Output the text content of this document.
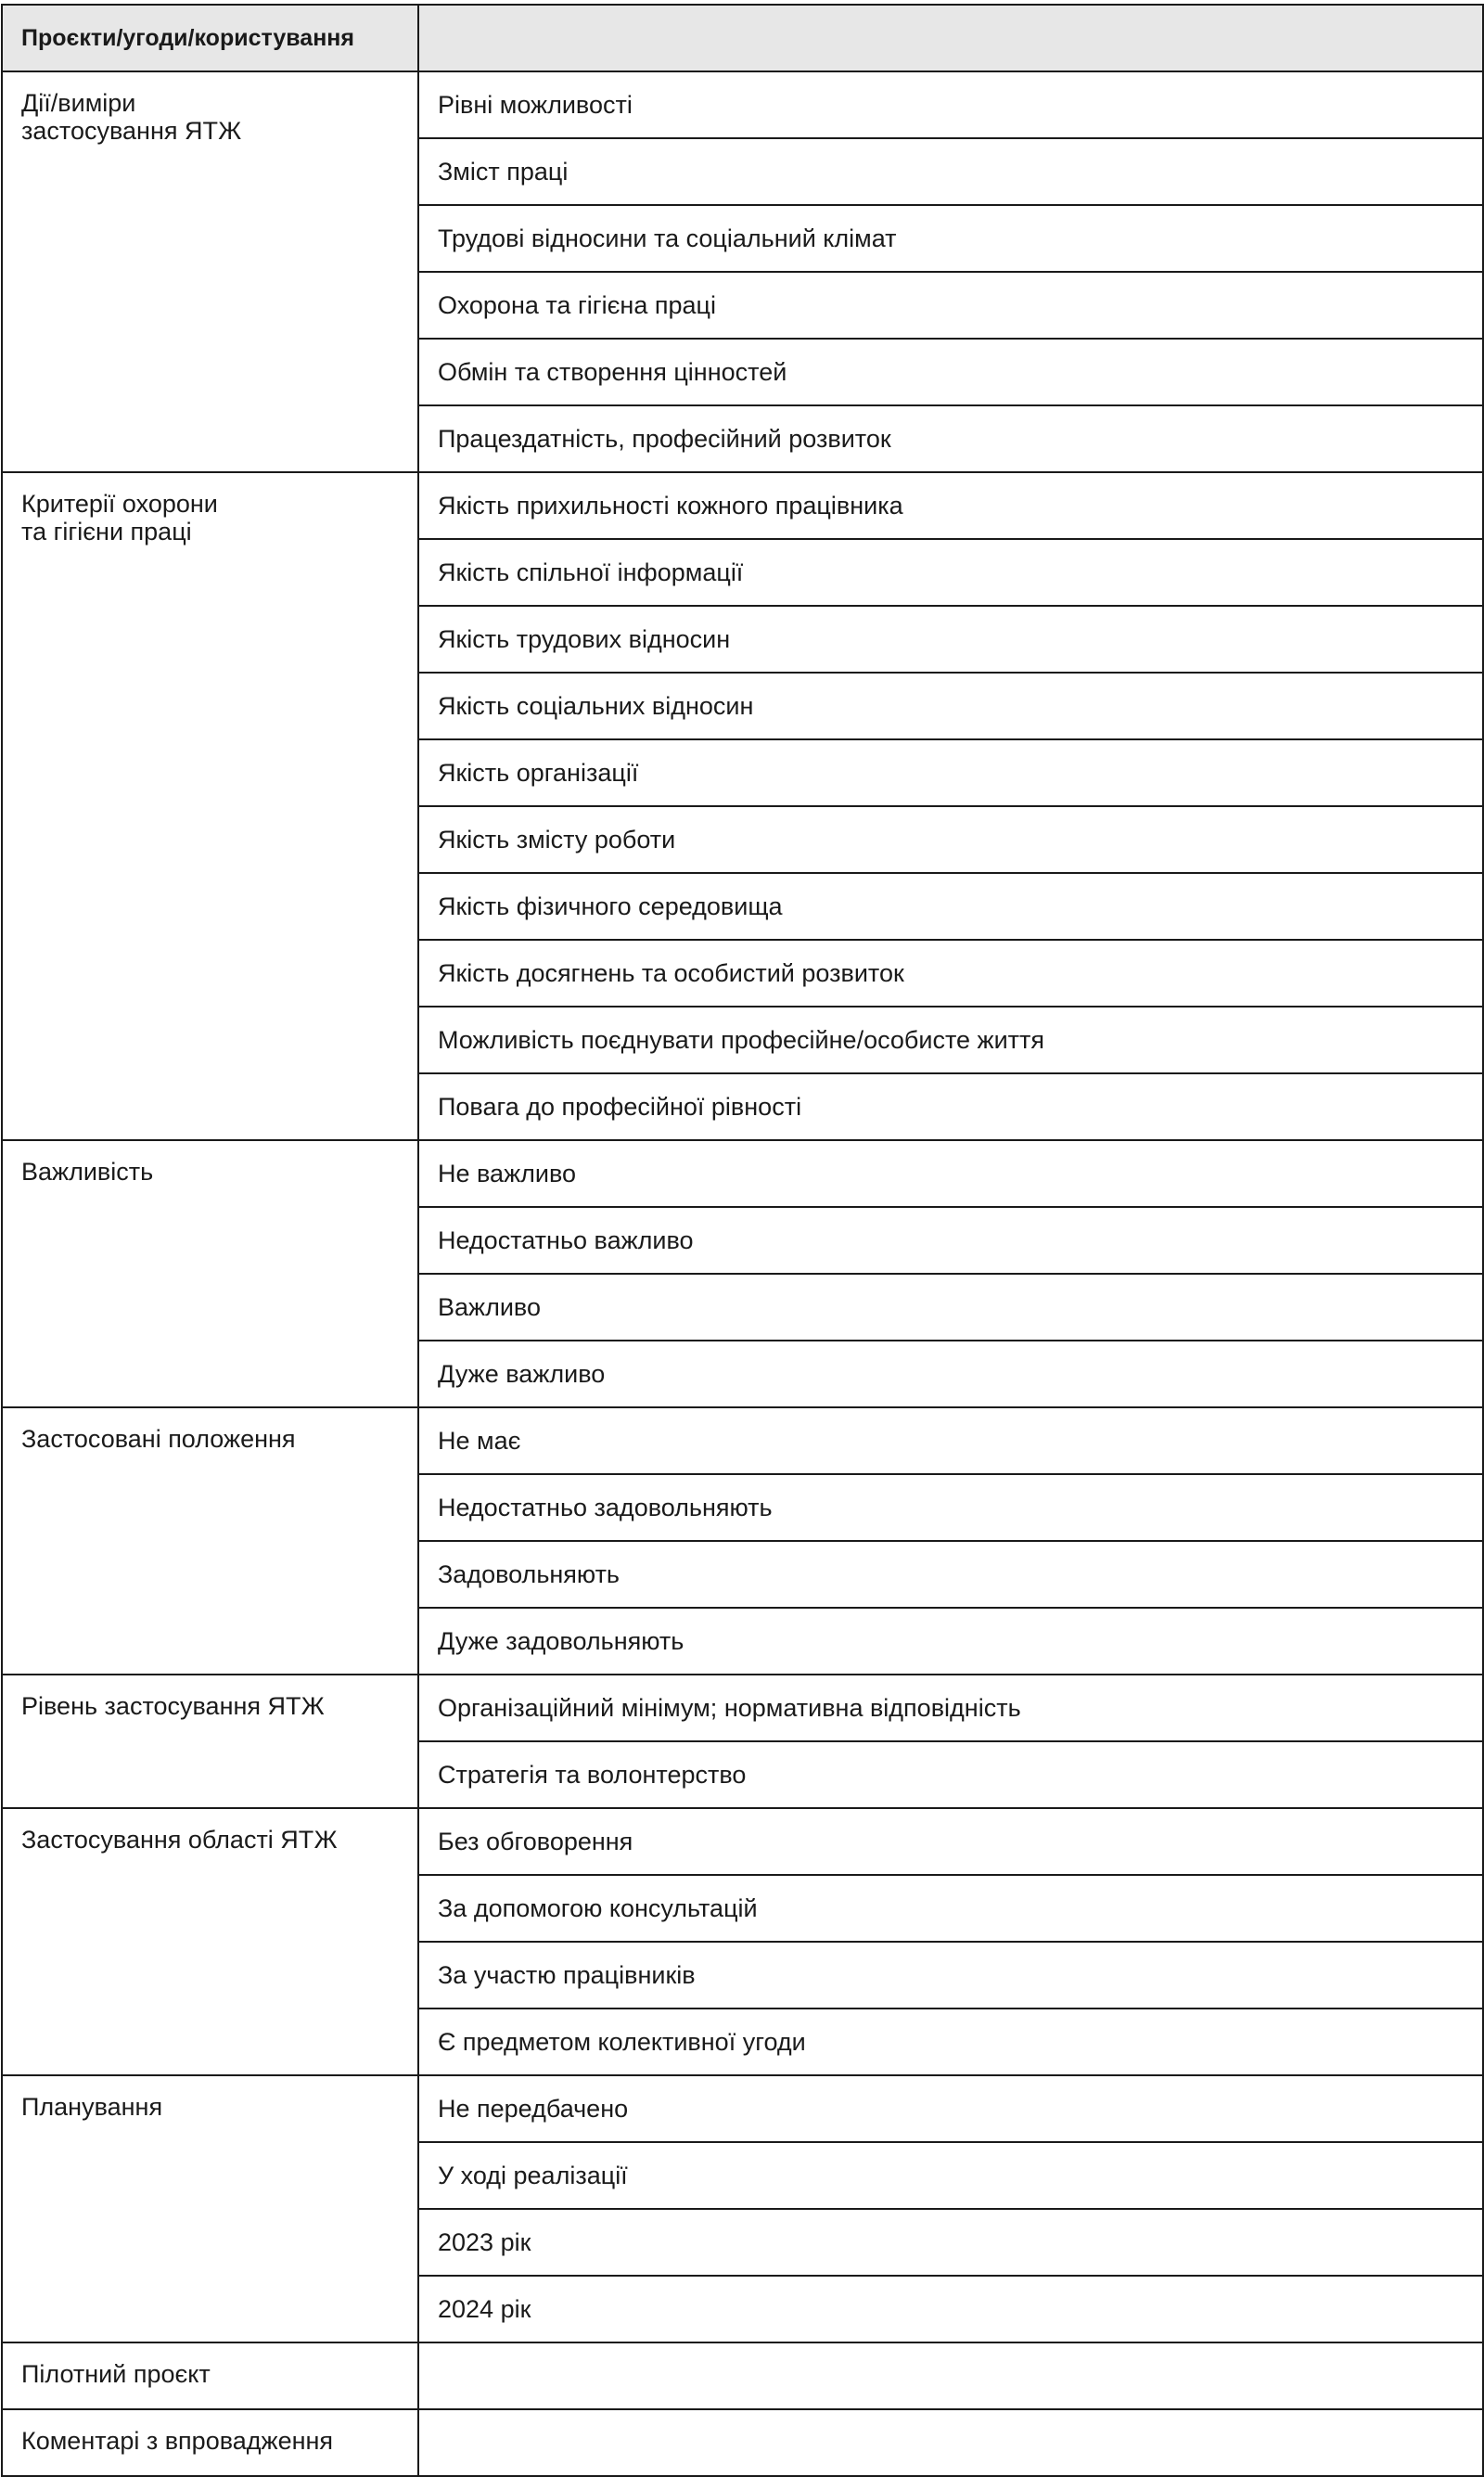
Проєкти/угоди/користування	

Дії/виміри
застосування ЯТЖ	Рівні можливості
	Зміст праці
	Трудові відносини та соціальний клімат
	Охорона та гігієна праці
	Обмін та створення цінностей
	Працездатність, професійний розвиток

Критерії охорони
та гігієни праці	Якість прихильності кожного працівника
	Якість спільної інформації
	Якість трудових відносин
	Якість соціальних відносин
	Якість організації
	Якість змісту роботи
	Якість фізичного середовища
	Якість досягнень та особистий розвиток
	Можливість поєднувати професійне/особисте життя
	Повага до професійної рівності

Важливість	Не важливо
	Недостатньо важливо
	Важливо
	Дуже важливо

Застосовані положення	Не має
	Недостатньо задовольняють
	Задовольняють
	Дуже задовольняють

Рівень застосування ЯТЖ	Організаційний мінімум; нормативна відповідність
	Стратегія та волонтерство

Застосування області ЯТЖ	Без обговорення
	За допомогою консультацій
	За участю працівників
	Є предметом колективної угоди

Планування	Не передбачено
	У ході реалізації
	2023 рік
	2024 рік

Пілотний проєкт	

Коментарі з впровадження	
